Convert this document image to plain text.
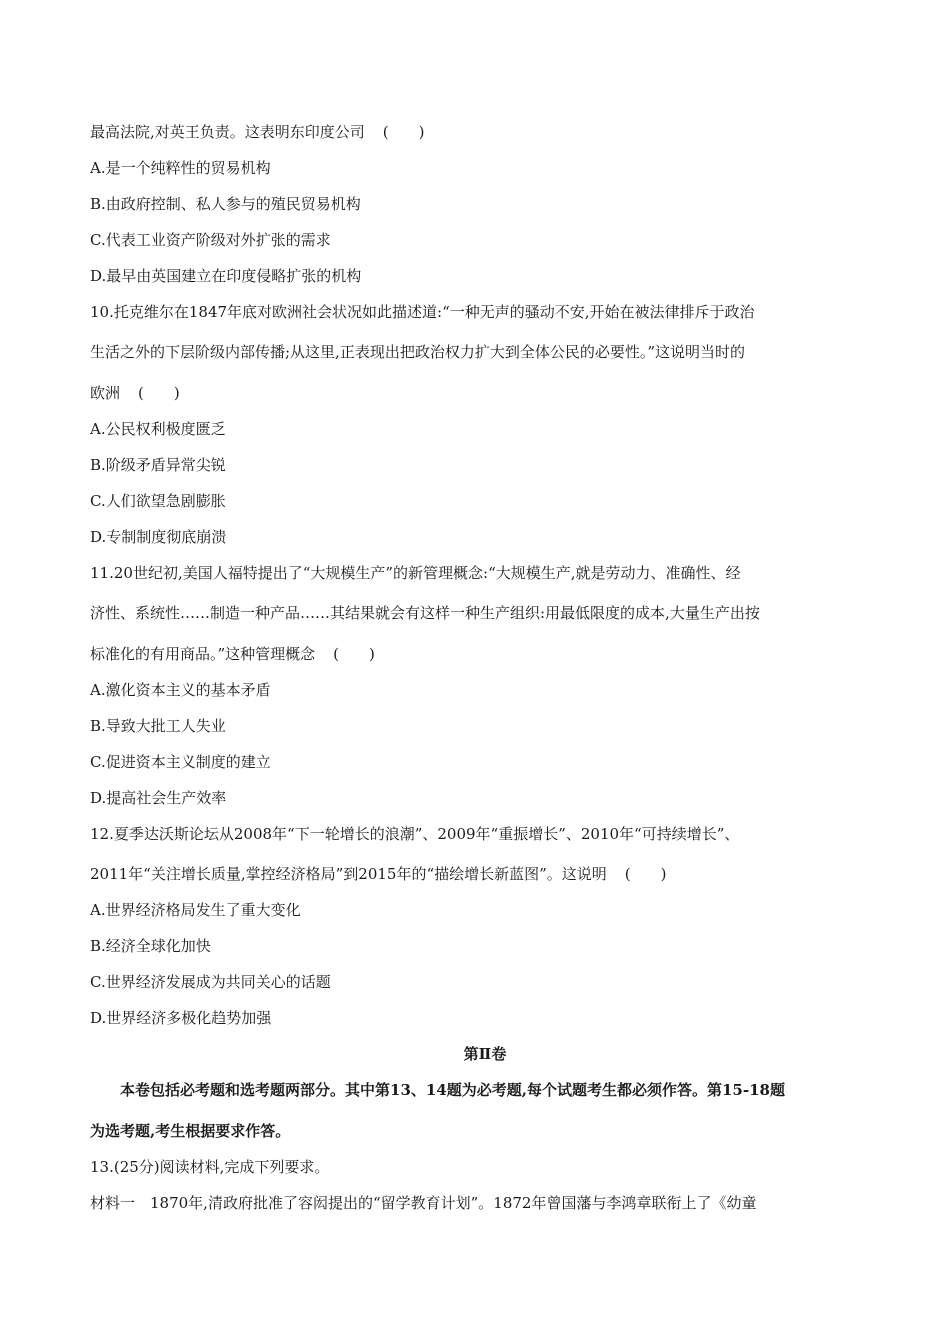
最高法院,对英王负责。这表明东印度公司 (　　)
A.是一个纯粹性的贸易机构
B.由政府控制、私人参与的殖民贸易机构
C.代表工业资产阶级对外扩张的需求
D.最早由英国建立在印度侵略扩张的机构
10.托克维尔在1847年底对欧洲社会状况如此描述道:“一种无声的骚动不安,开始在被法律排斥于政治
生活之外的下层阶级内部传播;从这里,正表现出把政治权力扩大到全体公民的必要性。”这说明当时的
欧洲 (　　)
A.公民权利极度匮乏
B.阶级矛盾异常尖锐
C.人们欲望急剧膨胀
D.专制制度彻底崩溃
11.20世纪初,美国人福特提出了“大规模生产”的新管理概念:“大规模生产,就是劳动力、准确性、经
济性、系统性……制造一种产品……其结果就会有这样一种生产组织:用最低限度的成本,大量生产出按
标准化的有用商品。”这种管理概念 (　　)
A.激化资本主义的基本矛盾
B.导致大批工人失业
C.促进资本主义制度的建立
D.提高社会生产效率
12.夏季达沃斯论坛从2008年“下一轮增长的浪潮”、2009年“重振增长”、2010年“可持续增长”、
2011年“关注增长质量,掌控经济格局”到2015年的“描绘增长新蓝图”。这说明 (　　)
A.世界经济格局发生了重大变化
B.经济全球化加快
C.世界经济发展成为共同关心的话题
D.世界经济多极化趋势加强
第Ⅱ卷
本卷包括必考题和选考题两部分。其中第13、14题为必考题,每个试题考生都必须作答。第15-18题
为选考题,考生根据要求作答。
13.(25分)阅读材料,完成下列要求。
材料一　1870年,清政府批准了容闳提出的“留学教育计划”。1872年曾国藩与李鸿章联衔上了《幼童
